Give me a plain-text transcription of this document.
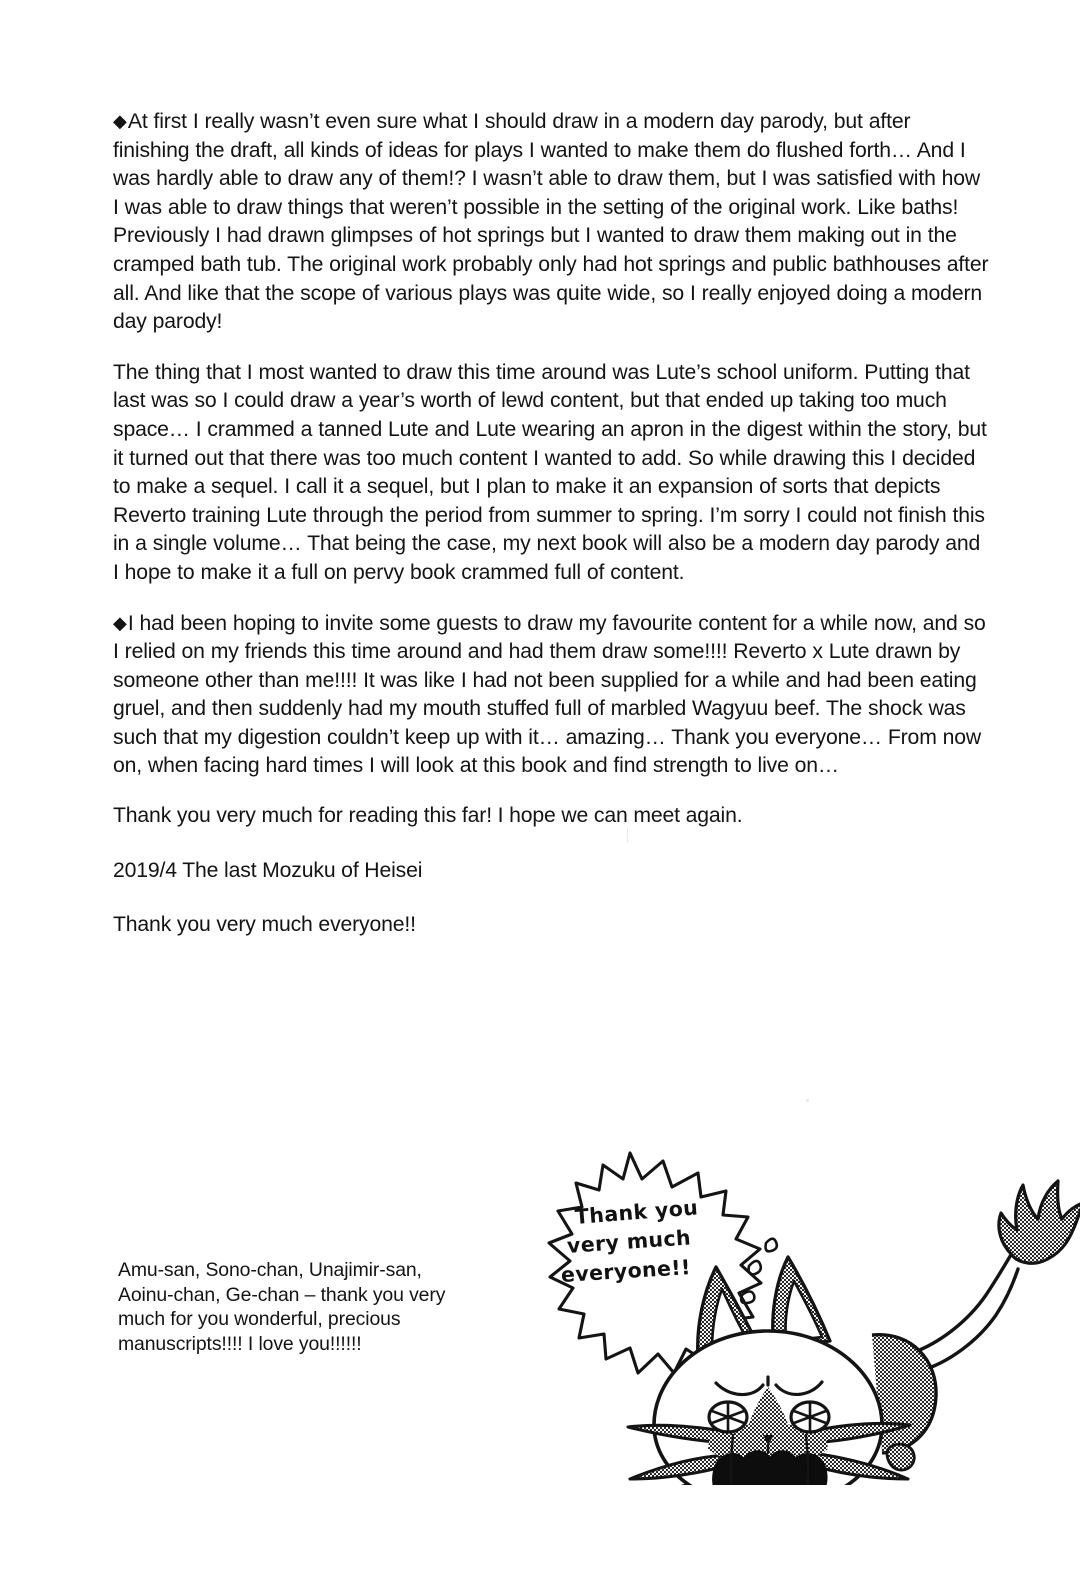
◆At first I really wasn’t even sure what I should draw in a modern day parody, but after finishing the draft, all kinds of ideas for plays I wanted to make them do flushed forth… And I was hardly able to draw any of them!? I wasn’t able to draw them, but I was satisfied with how I was able to draw things that weren’t possible in the setting of the original work. Like baths! Previously I had drawn glimpses of hot springs but I wanted to draw them making out in the cramped bath tub. The original work probably only had hot springs and public bathhouses after all. And like that the scope of various plays was quite wide, so I really enjoyed doing a modern day parody!

The thing that I most wanted to draw this time around was Lute’s school uniform. Putting that last was so I could draw a year’s worth of lewd content, but that ended up taking too much space… I crammed a tanned Lute and Lute wearing an apron in the digest within the story, but it turned out that there was too much content I wanted to add. So while drawing this I decided to make a sequel. I call it a sequel, but I plan to make it an expansion of sorts that depicts Reverto training Lute through the period from summer to spring. I’m sorry I could not finish this in a single volume… That being the case, my next book will also be a modern day parody and I hope to make it a full on pervy book crammed full of content.

◆I had been hoping to invite some guests to draw my favourite content for a while now, and so I relied on my friends this time around and had them draw some!!!! Reverto x Lute drawn by someone other than me!!!! It was like I had not been supplied for a while and had been eating gruel, and then suddenly had my mouth stuffed full of marbled Wagyuu beef. The shock was such that my digestion couldn’t keep up with it… amazing… Thank you everyone… From now on, when facing hard times I will look at this book and find strength to live on…

Thank you very much for reading this far! I hope we can meet again.

2019/4 The last Mozuku of Heisei

Thank you very much everyone!!

Amu-san, Sono-chan, Unajimir-san,
Aoinu-chan, Ge-chan – thank you very
much for you wonderful, precious
manuscripts!!!! I love you!!!!!!
Thank you
very much
everyone!!
